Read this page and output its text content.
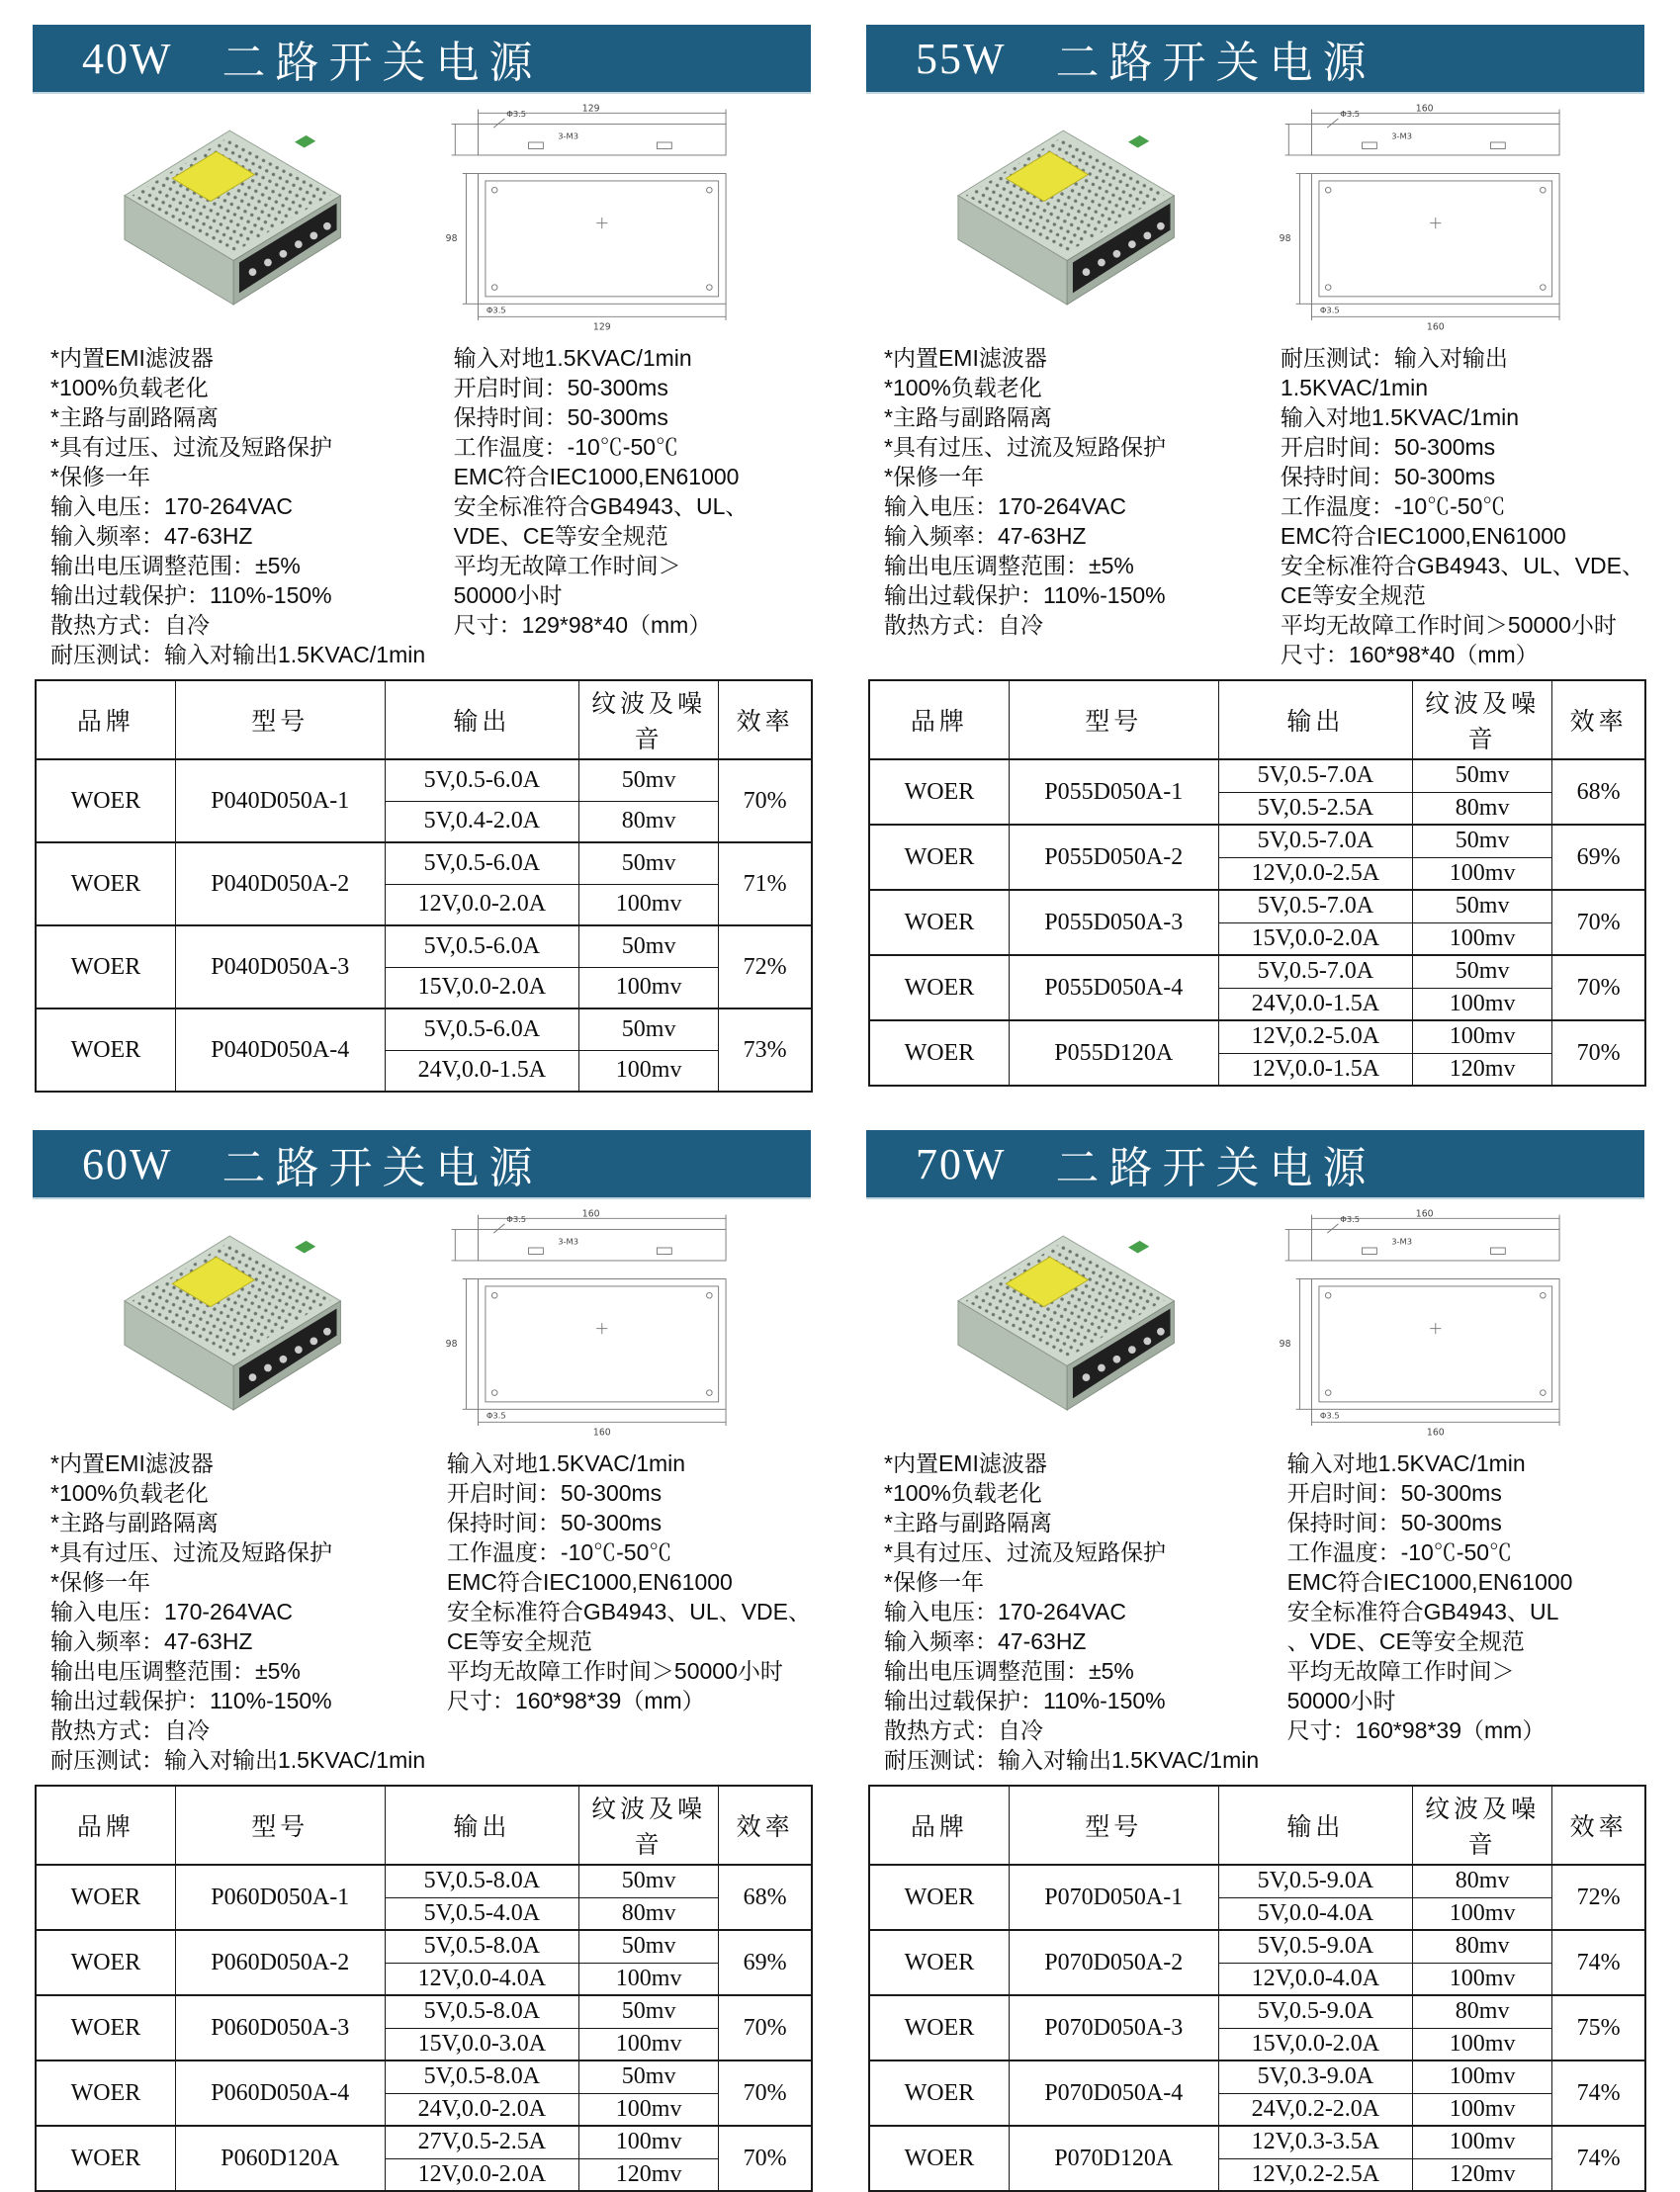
40W 二路开关电源
129
Φ3.5
3-M3
98
129
Φ3.5
*内置EMI滤波器
*100%负载老化
*主路与副路隔离
*具有过压、过流及短路保护
*保修一年
输入电压：170-264VAC
输入频率：47-63HZ
输出电压调整范围：±5%
输出过载保护：110%-150%
散热方式：自冷
耐压测试：输入对输出1.5KVAC/1min
输入对地1.5KVAC/1min
开启时间：50-300ms
保持时间：50-300ms
工作温度：-10℃-50℃
EMC符合IEC1000,EN61000
安全标准符合GB4943、UL、
VDE、CE等安全规范
平均无故障工作时间＞
50000小时
尺寸：129*98*40（mm）
品牌	型号	输出	纹波及噪音	效率
WOER	P040D050A-1	5V,0.5-6.0A	50mv	70%
		5V,0.4-2.0A	80mv	
WOER	P040D050A-2	5V,0.5-6.0A	50mv	71%
		12V,0.0-2.0A	100mv	
WOER	P040D050A-3	5V,0.5-6.0A	50mv	72%
		15V,0.0-2.0A	100mv	
WOER	P040D050A-4	5V,0.5-6.0A	50mv	73%
		24V,0.0-1.5A	100mv	
55W 二路开关电源
160
Φ3.5
3-M3
98
160
Φ3.5
*内置EMI滤波器
*100%负载老化
*主路与副路隔离
*具有过压、过流及短路保护
*保修一年
输入电压：170-264VAC
输入频率：47-63HZ
输出电压调整范围：±5%
输出过载保护：110%-150%
散热方式：自冷
耐压测试：输入对输出
1.5KVAC/1min
输入对地1.5KVAC/1min
开启时间：50-300ms
保持时间：50-300ms
工作温度：-10℃-50℃
EMC符合IEC1000,EN61000
安全标准符合GB4943、UL、VDE、
CE等安全规范
平均无故障工作时间＞50000小时
尺寸：160*98*40（mm）
品牌	型号	输出	纹波及噪音	效率
WOER	P055D050A-1	5V,0.5-7.0A	50mv	68%
		5V,0.5-2.5A	80mv	
WOER	P055D050A-2	5V,0.5-7.0A	50mv	69%
		12V,0.0-2.5A	100mv	
WOER	P055D050A-3	5V,0.5-7.0A	50mv	70%
		15V,0.0-2.0A	100mv	
WOER	P055D050A-4	5V,0.5-7.0A	50mv	70%
		24V,0.0-1.5A	100mv	
WOER	P055D120A	12V,0.2-5.0A	100mv	70%
		12V,0.0-1.5A	120mv	
60W 二路开关电源
160
Φ3.5
3-M3
98
160
Φ3.5
*内置EMI滤波器
*100%负载老化
*主路与副路隔离
*具有过压、过流及短路保护
*保修一年
输入电压：170-264VAC
输入频率：47-63HZ
输出电压调整范围：±5%
输出过载保护：110%-150%
散热方式：自冷
耐压测试：输入对输出1.5KVAC/1min
输入对地1.5KVAC/1min
开启时间：50-300ms
保持时间：50-300ms
工作温度：-10℃-50℃
EMC符合IEC1000,EN61000
安全标准符合GB4943、UL、VDE、
CE等安全规范
平均无故障工作时间＞50000小时
尺寸：160*98*39（mm）
品牌	型号	输出	纹波及噪音	效率
WOER	P060D050A-1	5V,0.5-8.0A	50mv	68%
		5V,0.5-4.0A	80mv	
WOER	P060D050A-2	5V,0.5-8.0A	50mv	69%
		12V,0.0-4.0A	100mv	
WOER	P060D050A-3	5V,0.5-8.0A	50mv	70%
		15V,0.0-3.0A	100mv	
WOER	P060D050A-4	5V,0.5-8.0A	50mv	70%
		24V,0.0-2.0A	100mv	
WOER	P060D120A	27V,0.5-2.5A	100mv	70%
		12V,0.0-2.0A	120mv	
70W 二路开关电源
160
Φ3.5
3-M3
98
160
Φ3.5
*内置EMI滤波器
*100%负载老化
*主路与副路隔离
*具有过压、过流及短路保护
*保修一年
输入电压：170-264VAC
输入频率：47-63HZ
输出电压调整范围：±5%
输出过载保护：110%-150%
散热方式：自冷
耐压测试：输入对输出1.5KVAC/1min
输入对地1.5KVAC/1min
开启时间：50-300ms
保持时间：50-300ms
工作温度：-10℃-50℃
EMC符合IEC1000,EN61000
安全标准符合GB4943、UL
、VDE、CE等安全规范
平均无故障工作时间＞
50000小时
尺寸：160*98*39（mm）
品牌	型号	输出	纹波及噪音	效率
WOER	P070D050A-1	5V,0.5-9.0A	80mv	72%
		5V,0.0-4.0A	100mv	
WOER	P070D050A-2	5V,0.5-9.0A	80mv	74%
		12V,0.0-4.0A	100mv	
WOER	P070D050A-3	5V,0.5-9.0A	80mv	75%
		15V,0.0-2.0A	100mv	
WOER	P070D050A-4	5V,0.3-9.0A	100mv	74%
		24V,0.2-2.0A	100mv	
WOER	P070D120A	12V,0.3-3.5A	100mv	74%
		12V,0.2-2.5A	120mv	
